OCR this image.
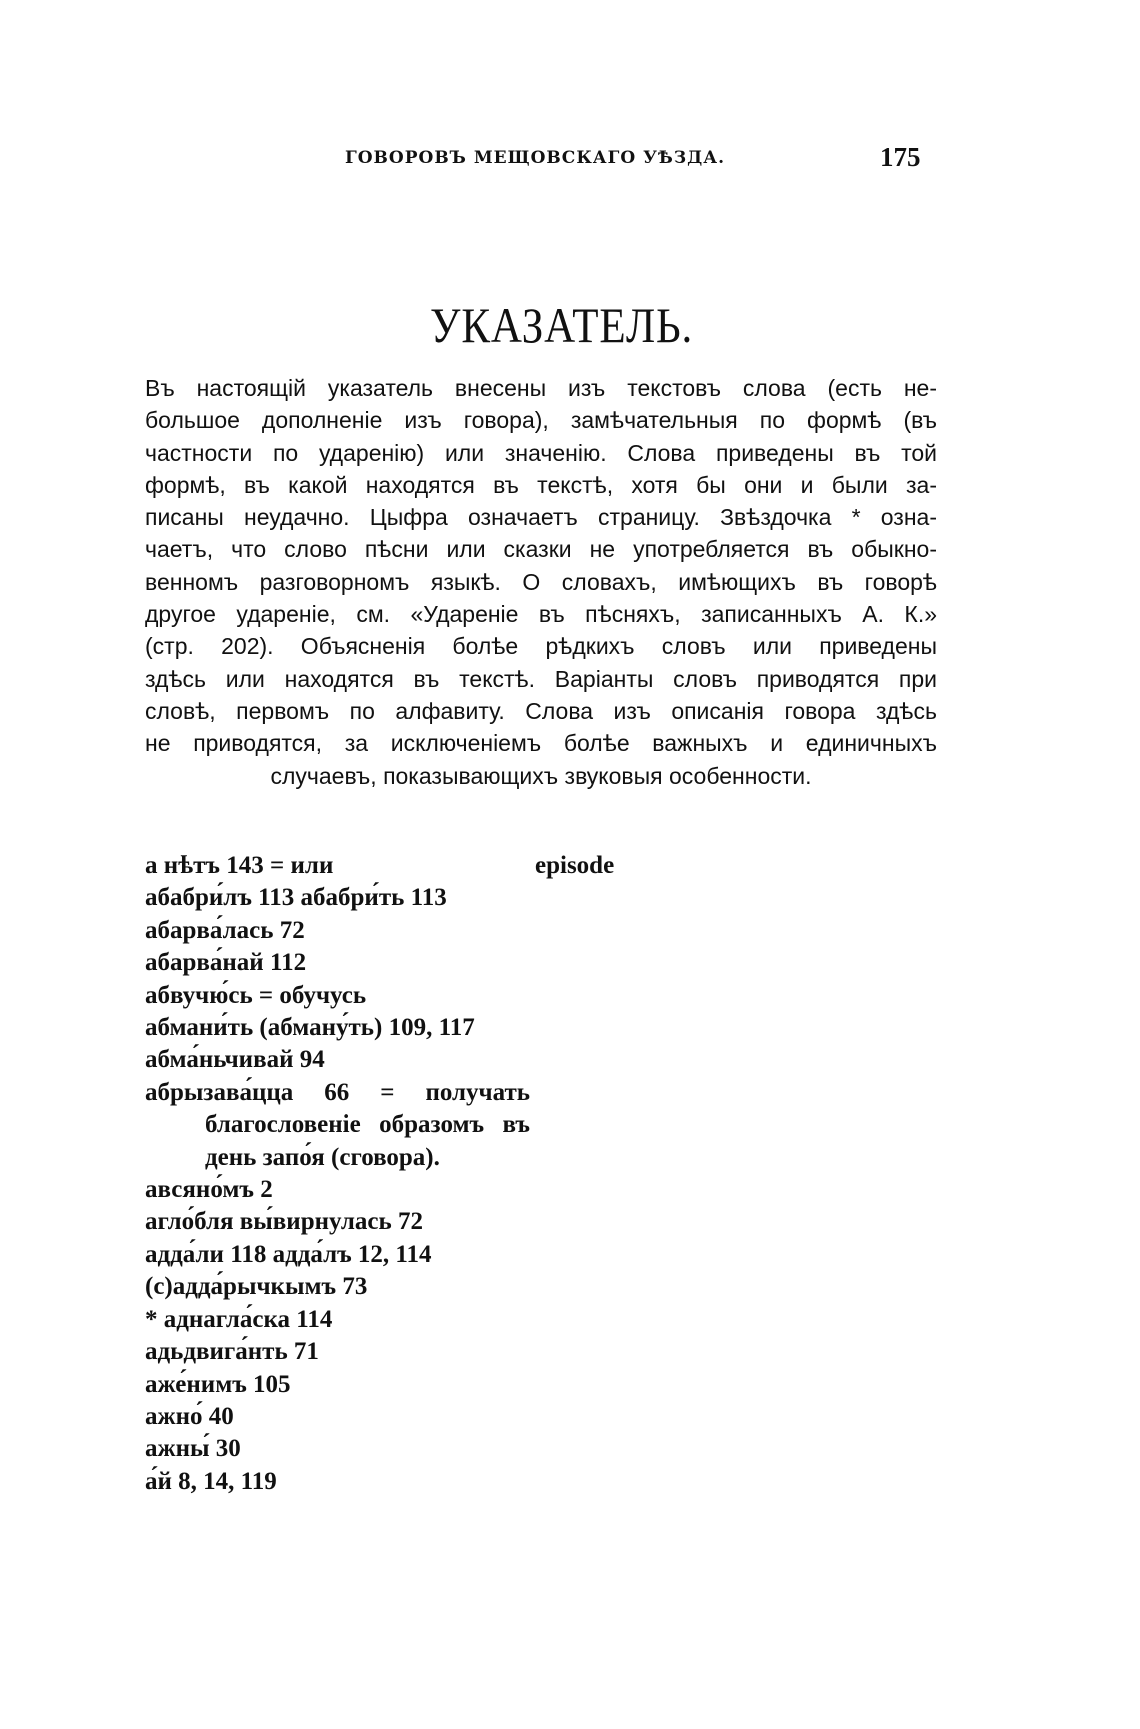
ГОВОРОВЪ МЕЩОВСКАГО УѢЗДА.	175
УКАЗАТЕЛЬ.
Въ настоящій указатель внесены изъ текстовъ слова (есть не-
большое дополненіе изъ говора), замѣчательныя по формѣ (въ
частности по ударенію) или значенію. Слова приведены въ той
формѣ, въ какой находятся въ текстѣ, хотя бы они и были за-
писаны неудачно. Цыфра означаетъ страницу. Звѣздочка * озна-
чаетъ, что слово пѣсни или сказки не употребляется въ обыкно-
венномъ разговорномъ языкѣ. О словахъ, имѣющихъ въ говорѣ
другое удареніе, см. «Удареніе въ пѣсняхъ, записанныхъ А. К.»
(стр. 202). Объясненія болѣе рѣдкихъ словъ или приведены
здѣсь или находятся въ текстѣ. Варіанты словъ приводятся при
словѣ, первомъ по алфавиту. Слова изъ описанія говора здѣсь
не приводятся, за исключеніемъ болѣе важныхъ и единичныхъ
случаевъ, показывающихъ звуковыя особенности.
а нѣтъ 143 = или
абабри́лъ 113 абабри́ть 113
абарва́лась 72
абарва́най 112
абвучю́сь = обучусь
абмани́ть (абману́ть) 109, 117
абма́ньчивай 94
абрызава́цца 66 = получать
благословеніе образомъ въ
день запо́я (сговора).
авсяно́мъ 2
агло́бля вы́вирнулась 72
адда́ли 118 адда́лъ 12, 114
(с)адда́рычкымъ 73
* аднагла́ска 114
адьдвига́нть 71
аже́нимъ 105
ажно́ 40
ажны́ 30
а́й 8, 14, 119
episode
